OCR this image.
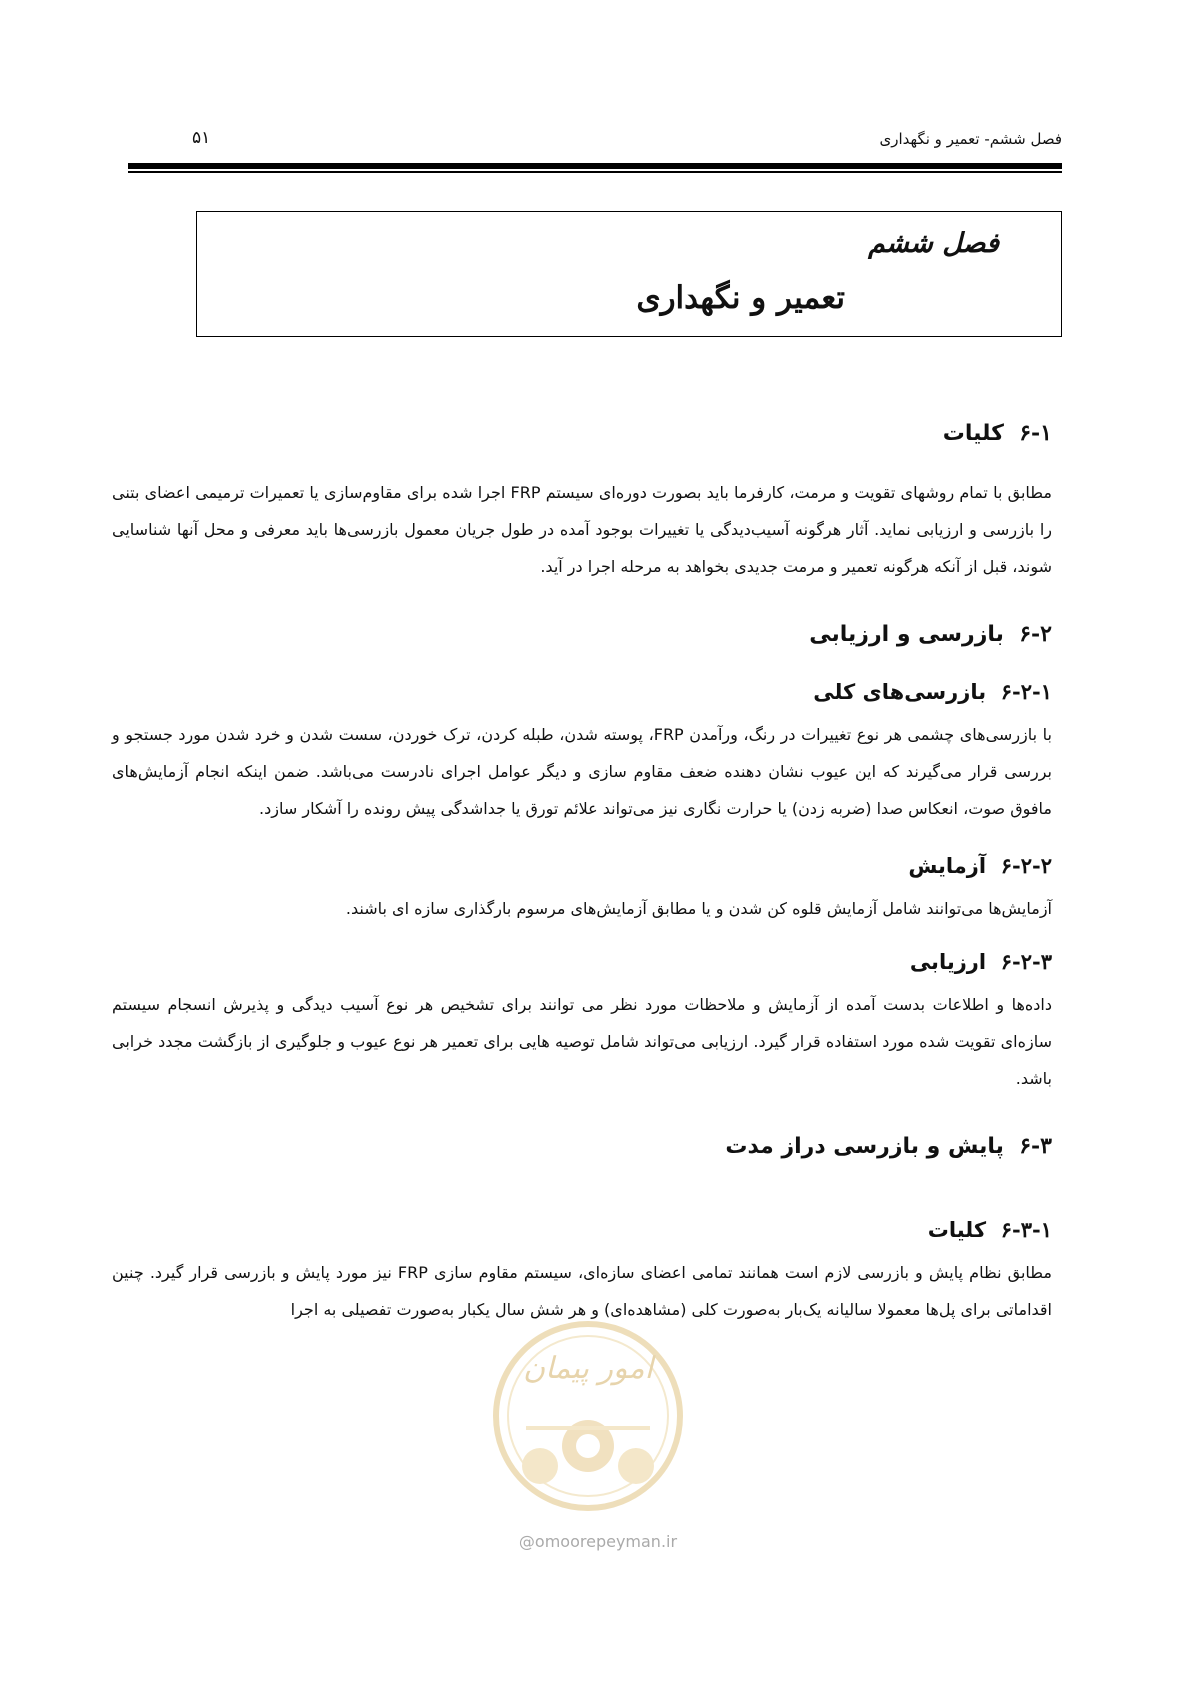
فصل ششم- تعمیر و نگهداری
۵۱
فصل ششم
تعمیر و نگهداری
۶-۱  کلیات

مطابق با تمام روشهای تقویت و مرمت، کارفرما باید بصورت دوره‌ای سیستم FRP اجرا شده برای مقاوم‌سازی یا تعمیرات ترمیمی اعضای بتنی را بازرسی و ارزیابی نماید. آثار هرگونه آسیب‌دیدگی یا تغییرات بوجود آمده در طول جریان معمول بازرسی‌ها باید معرفی و محل آنها شناسایی شوند، قبل از آنکه هرگونه تعمیر و مرمت جدیدی بخواهد به مرحله اجرا در آید.

۶-۲  بازرسی و ارزیابی
۶-۲-۱  بازرسی‌های کلی

با بازرسی‌های چشمی هر نوع تغییرات در رنگ، ورآمدن FRP، پوسته شدن، طبله کردن، ترک خوردن، سست شدن و خرد شدن مورد جستجو و بررسی قرار می‌گیرند که این عیوب نشان دهنده ضعف مقاوم سازی و دیگر عوامل اجرای نادرست می‌باشد. ضمن اینکه انجام آزمایش‌های مافوق صوت، انعکاس صدا (ضربه زدن) یا حرارت نگاری نیز می‌تواند علائم تورق یا جداشدگی پیش رونده را آشکار سازد.

۶-۲-۲  آزمایش

آزمایش‌ها می‌توانند شامل آزمایش قلوه کن شدن و یا مطابق آزمایش‌های مرسوم بارگذاری سازه ای باشند.

۶-۲-۳  ارزیابی

داده‌ها و اطلاعات بدست آمده از آزمایش و ملاحظات مورد نظر می توانند برای تشخیص هر نوع آسیب دیدگی و پذیرش انسجام سیستم سازه‌ای تقویت شده مورد استفاده قرار گیرد. ارزیابی می‌تواند شامل توصیه هایی برای تعمیر هر نوع عیوب و جلوگیری از بازگشت مجدد خرابی باشد.

۶-۳  پایش و بازرسی دراز مدت
۶-۳-۱  کلیات

مطابق نظام پایش و بازرسی لازم است همانند تمامی اعضای سازه‌ای، سیستم مقاوم سازی FRP نیز مورد پایش و بازرسی قرار گیرد. چنین اقداماتی برای پل‌ها معمولا سالیانه یک‌بار به‌صورت کلی (مشاهده‌ای) و هر شش سال یکبار به‌صورت تفصیلی به اجرا

امور پیمان
@omoorepeyman.ir
